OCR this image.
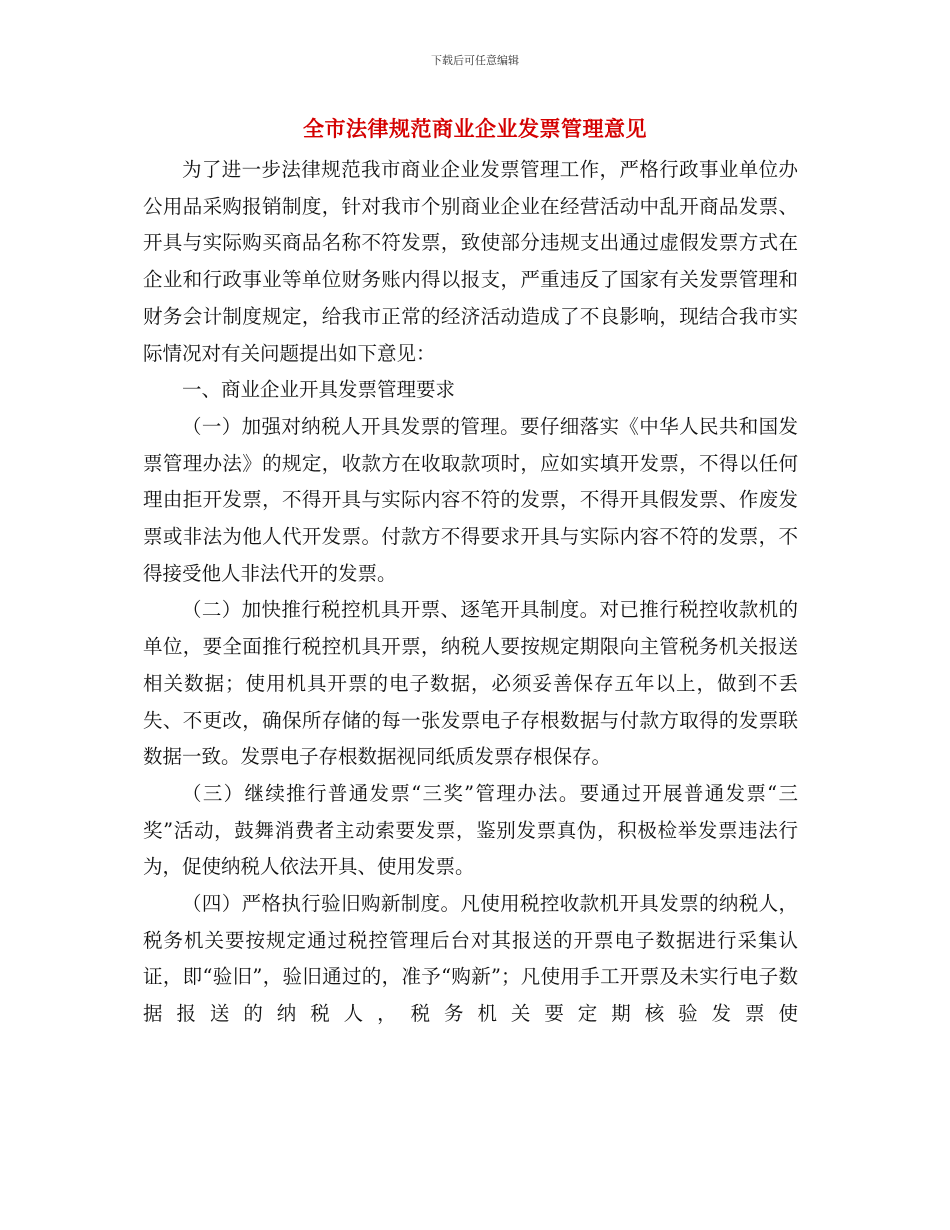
下载后可任意编辑
全市法律规范商业企业发票管理意见

为了进一步法律规范我市商业企业发票管理工作，严格行政事业单位办公用品采购报销制度，针对我市个别商业企业在经营活动中乱开商品发票、开具与实际购买商品名称不符发票，致使部分违规支出通过虚假发票方式在企业和行政事业等单位财务账内得以报支，严重违反了国家有关发票管理和财务会计制度规定，给我市正常的经济活动造成了不良影响，现结合我市实际情况对有关问题提出如下意见：

一、商业企业开具发票管理要求

（一）加强对纳税人开具发票的管理。要仔细落实《中华人民共和国发票管理办法》的规定，收款方在收取款项时，应如实填开发票，不得以任何理由拒开发票，不得开具与实际内容不符的发票，不得开具假发票、作废发票或非法为他人代开发票。付款方不得要求开具与实际内容不符的发票，不得接受他人非法代开的发票。

（二）加快推行税控机具开票、逐笔开具制度。对已推行税控收款机的单位，要全面推行税控机具开票，纳税人要按规定期限向主管税务机关报送相关数据；使用机具开票的电子数据，必须妥善保存五年以上，做到不丢失、不更改，确保所存储的每一张发票电子存根数据与付款方取得的发票联数据一致。发票电子存根数据视同纸质发票存根保存。

（三）继续推行普通发票“三奖”管理办法。要通过开展普通发票“三奖”活动，鼓舞消费者主动索要发票，鉴别发票真伪，积极检举发票违法行为，促使纳税人依法开具、使用发票。

（四）严格执行验旧购新制度。凡使用税控收款机开具发票的纳税人，税务机关要按规定通过税控管理后台对其报送的开票电子数据进行采集认证，即“验旧”，验旧通过的，准予“购新”；凡使用手工开票及未实行电子数据报送的纳税人，税务机关要定期核验发票使
